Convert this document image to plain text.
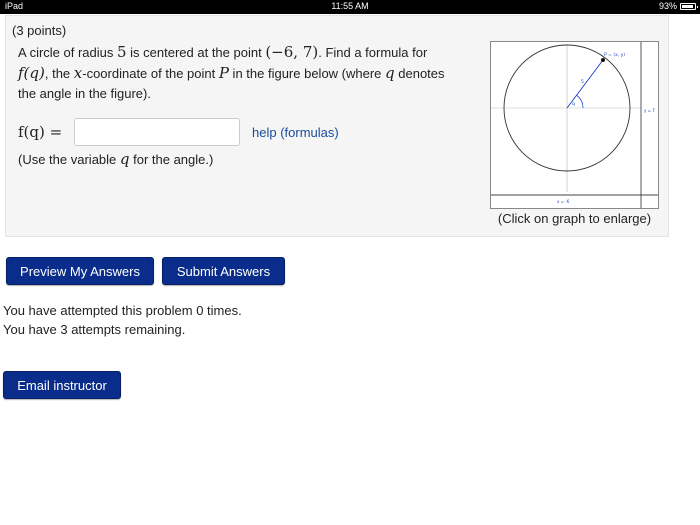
iPad	11:55 AM	93%
(3 points)
A circle of radius 5 is centered at the point (−6, 7). Find a formula for f(q), the x-coordinate of the point P in the figure below (where q denotes the angle in the figure).
f(q) =	help (formulas)
(Use the variable q for the angle.)
P = (x, y)
5
q
y = 7
x = -6
(Click on graph to enlarge)
Preview My Answers	Submit Answers
You have attempted this problem 0 times.
You have 3 attempts remaining.
Email instructor
